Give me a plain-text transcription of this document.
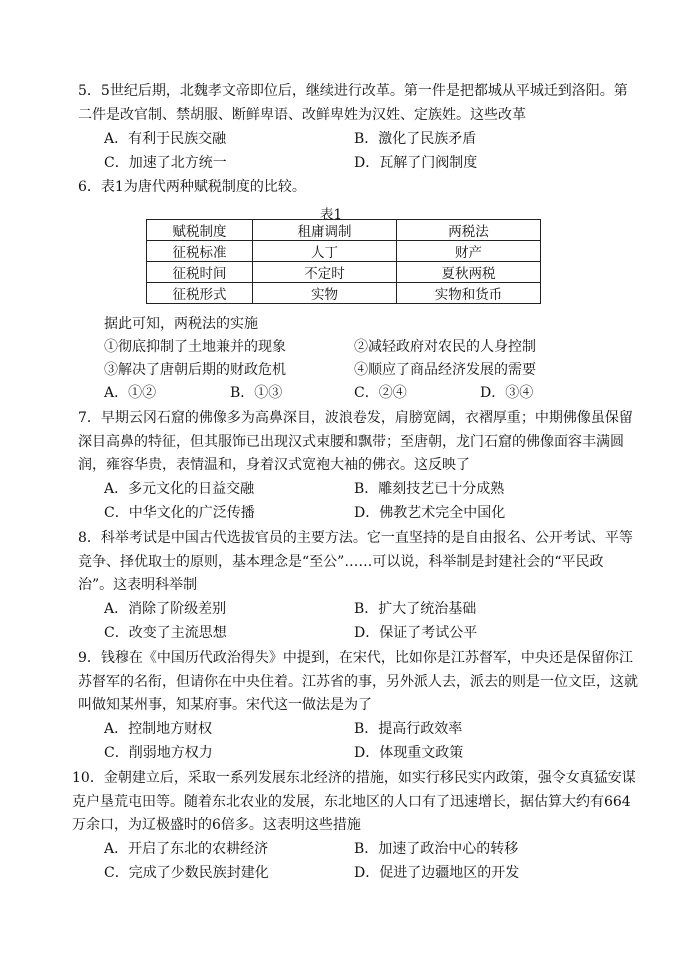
5．5世纪后期，北魏孝文帝即位后，继续进行改革。第一件是把都城从平城迁到洛阳。第二件是改官制、禁胡服、断鲜卑语、改鲜卑姓为汉姓、定族姓。这些改革

A．有利于民族交融	B．激化了民族矛盾
C．加速了北方统一	D．瓦解了门阀制度
6．表1为唐代两种赋税制度的比较。
表1
赋税制度	租庸调制	两税法
征税标准	人丁	财产
征税时间	不定时	夏秋两税
征税形式	实物	实物和货币
据此可知，两税法的实施
①彻底抑制了土地兼并的现象	②减轻政府对农民的人身控制
③解决了唐朝后期的财政危机	④顺应了商品经济发展的需要
A．①②	B．①③	C．②④	D．③④

7．早期云冈石窟的佛像多为高鼻深目，波浪卷发，肩膀宽阔，衣褶厚重；中期佛像虽保留深目高鼻的特征，但其服饰已出现汉式束腰和飘带；至唐朝，龙门石窟的佛像面容丰满圆润，雍容华贵，表情温和，身着汉式宽袍大袖的佛衣。这反映了

A．多元文化的日益交融	B．雕刻技艺已十分成熟
C．中华文化的广泛传播	D．佛教艺术完全中国化

8．科举考试是中国古代选拔官员的主要方法。它一直坚持的是自由报名、公开考试、平等竞争、择优取士的原则，基本理念是“至公”……可以说，科举制是封建社会的“平民政治”。这表明科举制

A．消除了阶级差别	B．扩大了统治基础
C．改变了主流思想	D．保证了考试公平

9．钱穆在《中国历代政治得失》中提到，在宋代，比如你是江苏督军，中央还是保留你江苏督军的名衔，但请你在中央住着。江苏省的事，另外派人去，派去的则是一位文臣，这就叫做知某州事，知某府事。宋代这一做法是为了

A．控制地方财权	B．提高行政效率
C．削弱地方权力	D．体现重文政策

10．金朝建立后，采取一系列发展东北经济的措施，如实行移民实内政策，强令女真猛安谋克户垦荒屯田等。随着东北农业的发展，东北地区的人口有了迅速增长，据估算大约有664万余口，为辽极盛时的6倍多。这表明这些措施

A．开启了东北的农耕经济	B．加速了政治中心的转移
C．完成了少数民族封建化	D．促进了边疆地区的开发
